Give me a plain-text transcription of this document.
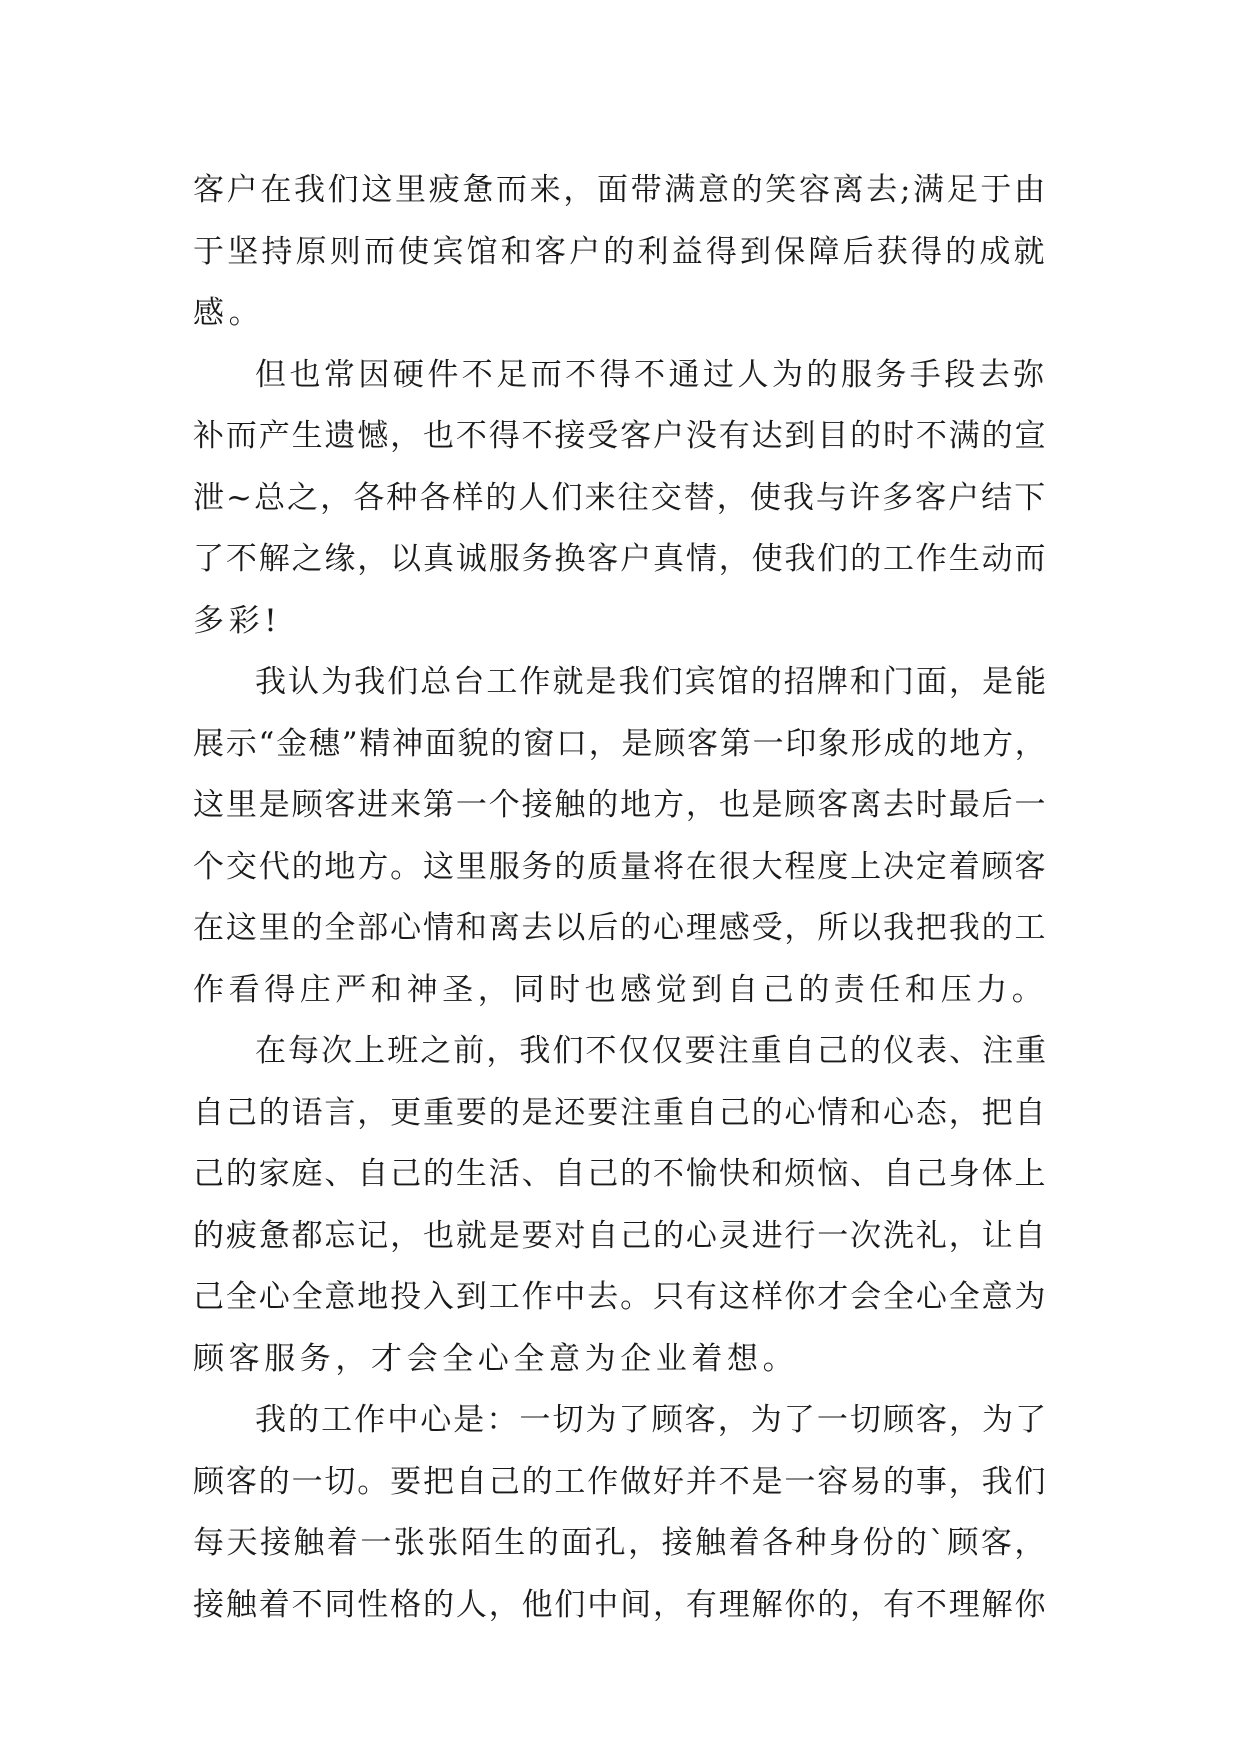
客户在我们这里疲惫而来，面带满意的笑容离去;满足于由
于坚持原则而使宾馆和客户的利益得到保障后获得的成就
感。
但也常因硬件不足而不得不通过人为的服务手段去弥
补而产生遗憾，也不得不接受客户没有达到目的时不满的宣
泄~总之，各种各样的人们来往交替，使我与许多客户结下
了不解之缘，以真诚服务换客户真情，使我们的工作生动而
多彩!
我认为我们总台工作就是我们宾馆的招牌和门面，是能
展示“金穗”精神面貌的窗口，是顾客第一印象形成的地方，
这里是顾客进来第一个接触的地方，也是顾客离去时最后一
个交代的地方。这里服务的质量将在很大程度上决定着顾客
在这里的全部心情和离去以后的心理感受，所以我把我的工
作看得庄严和神圣，同时也感觉到自己的责任和压力。
在每次上班之前，我们不仅仅要注重自己的仪表、注重
自己的语言，更重要的是还要注重自己的心情和心态，把自
己的家庭、自己的生活、自己的不愉快和烦恼、自己身体上
的疲惫都忘记，也就是要对自己的心灵进行一次洗礼，让自
己全心全意地投入到工作中去。只有这样你才会全心全意为
顾客服务，才会全心全意为企业着想。
我的工作中心是：一切为了顾客，为了一切顾客，为了
顾客的一切。要把自己的工作做好并不是一容易的事，我们
每天接触着一张张陌生的面孔，接触着各种身份的`顾客，
接触着不同性格的人，他们中间，有理解你的，有不理解你
